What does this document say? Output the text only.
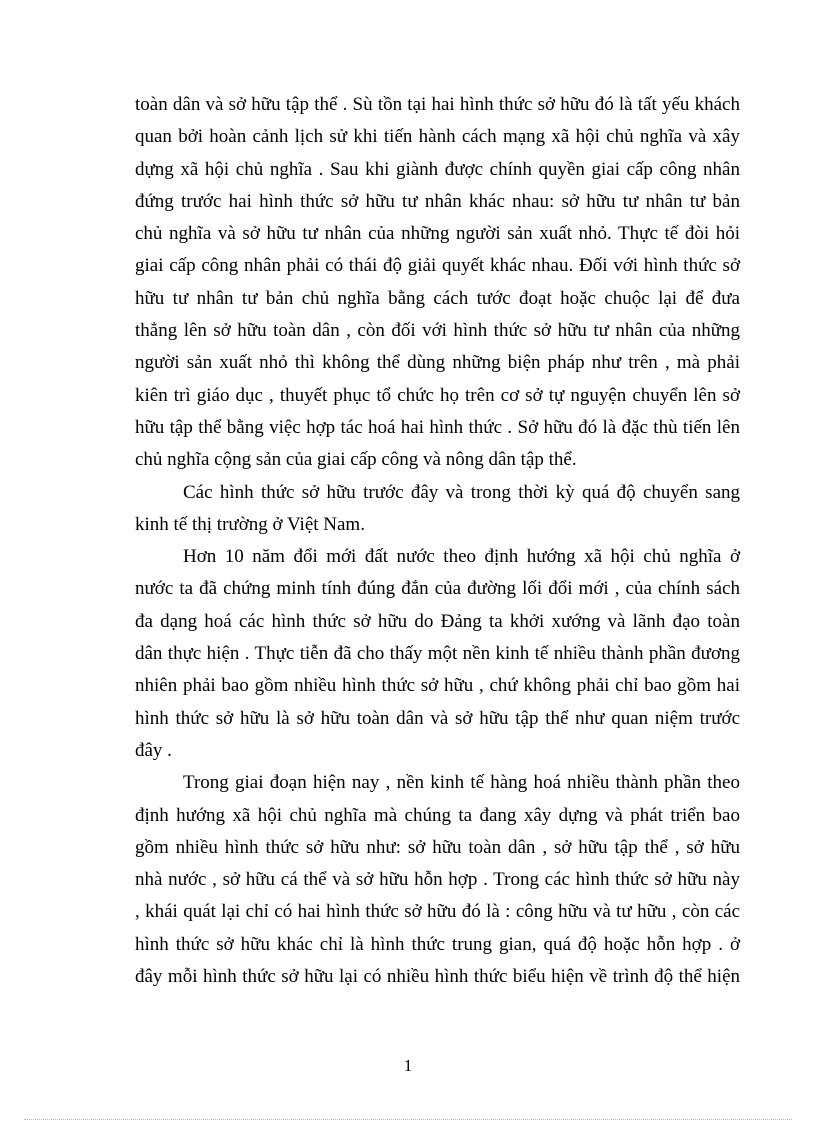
toàn dân và sở hữu tập thể . Sù tồn tại hai hình thức sở hữu đó là tất yếu khách
quan bởi hoàn cảnh lịch sử khi tiến hành cách mạng xã hội chủ nghĩa và xây
dựng xã hội chủ nghĩa . Sau khi giành được chính quyền giai cấp công nhân
đứng trước hai hình thức sở hữu tư nhân khác nhau: sở hữu tư nhân tư bản
chủ nghĩa và sở hữu tư nhân của những người sản xuất nhỏ. Thực tế đòi hỏi
giai cấp công nhân phải có thái độ giải quyết khác nhau. Đối với hình thức sở
hữu tư nhân tư bản chủ nghĩa bằng cách tước đoạt hoặc chuộc lại để đưa
thẳng lên sở hữu toàn dân , còn đối với hình thức sở hữu tư nhân của những
người sản xuất nhỏ thì không thể dùng những biện pháp như trên , mà phải
kiên trì giáo dục , thuyết phục tổ chức họ trên cơ sở tự nguyện chuyển lên sở
hữu tập thể bằng việc hợp tác hoá hai hình thức . Sở hữu đó là đặc thù tiến lên
chủ nghĩa cộng sản của giai cấp công và nông dân tập thể.
Các hình thức sở hữu trước đây và trong thời kỳ quá độ chuyển sang
kinh tế thị trường ở Việt Nam.
Hơn 10 năm đổi mới đất nước theo định hướng xã hội chủ nghĩa ở
nước ta đã chứng minh tính đúng đắn của đường lối đổi mới , của chính sách
đa dạng hoá các hình thức sở hữu do Đảng ta khởi xướng và lãnh đạo toàn
dân thực hiện . Thực tiễn đã cho thấy một nền kinh tế nhiều thành phần đương
nhiên phải bao gồm nhiều hình thức sở hữu , chứ không phải chỉ bao gồm hai
hình thức sở hữu là sở hữu toàn dân và sở hữu tập thể như quan niệm trước
đây .
Trong giai đoạn hiện nay , nền kinh tế hàng hoá nhiều thành phần theo
định hướng xã hội chủ nghĩa mà chúng ta đang xây dựng và phát triển bao
gồm nhiều hình thức sở hữu như: sở hữu toàn dân , sở hữu tập thể , sở hữu
nhà nước , sở hữu cá thể và sở hữu hỗn hợp . Trong các hình thức sở hữu này
, khái quát lại chỉ có hai hình thức sở hữu đó là : công hữu và tư hữu , còn các
hình thức sở hữu khác chỉ là hình thức trung gian, quá độ hoặc hỗn hợp . ở
đây mỗi hình thức sở hữu lại có nhiều hình thức biểu hiện về trình độ thể hiện
1
